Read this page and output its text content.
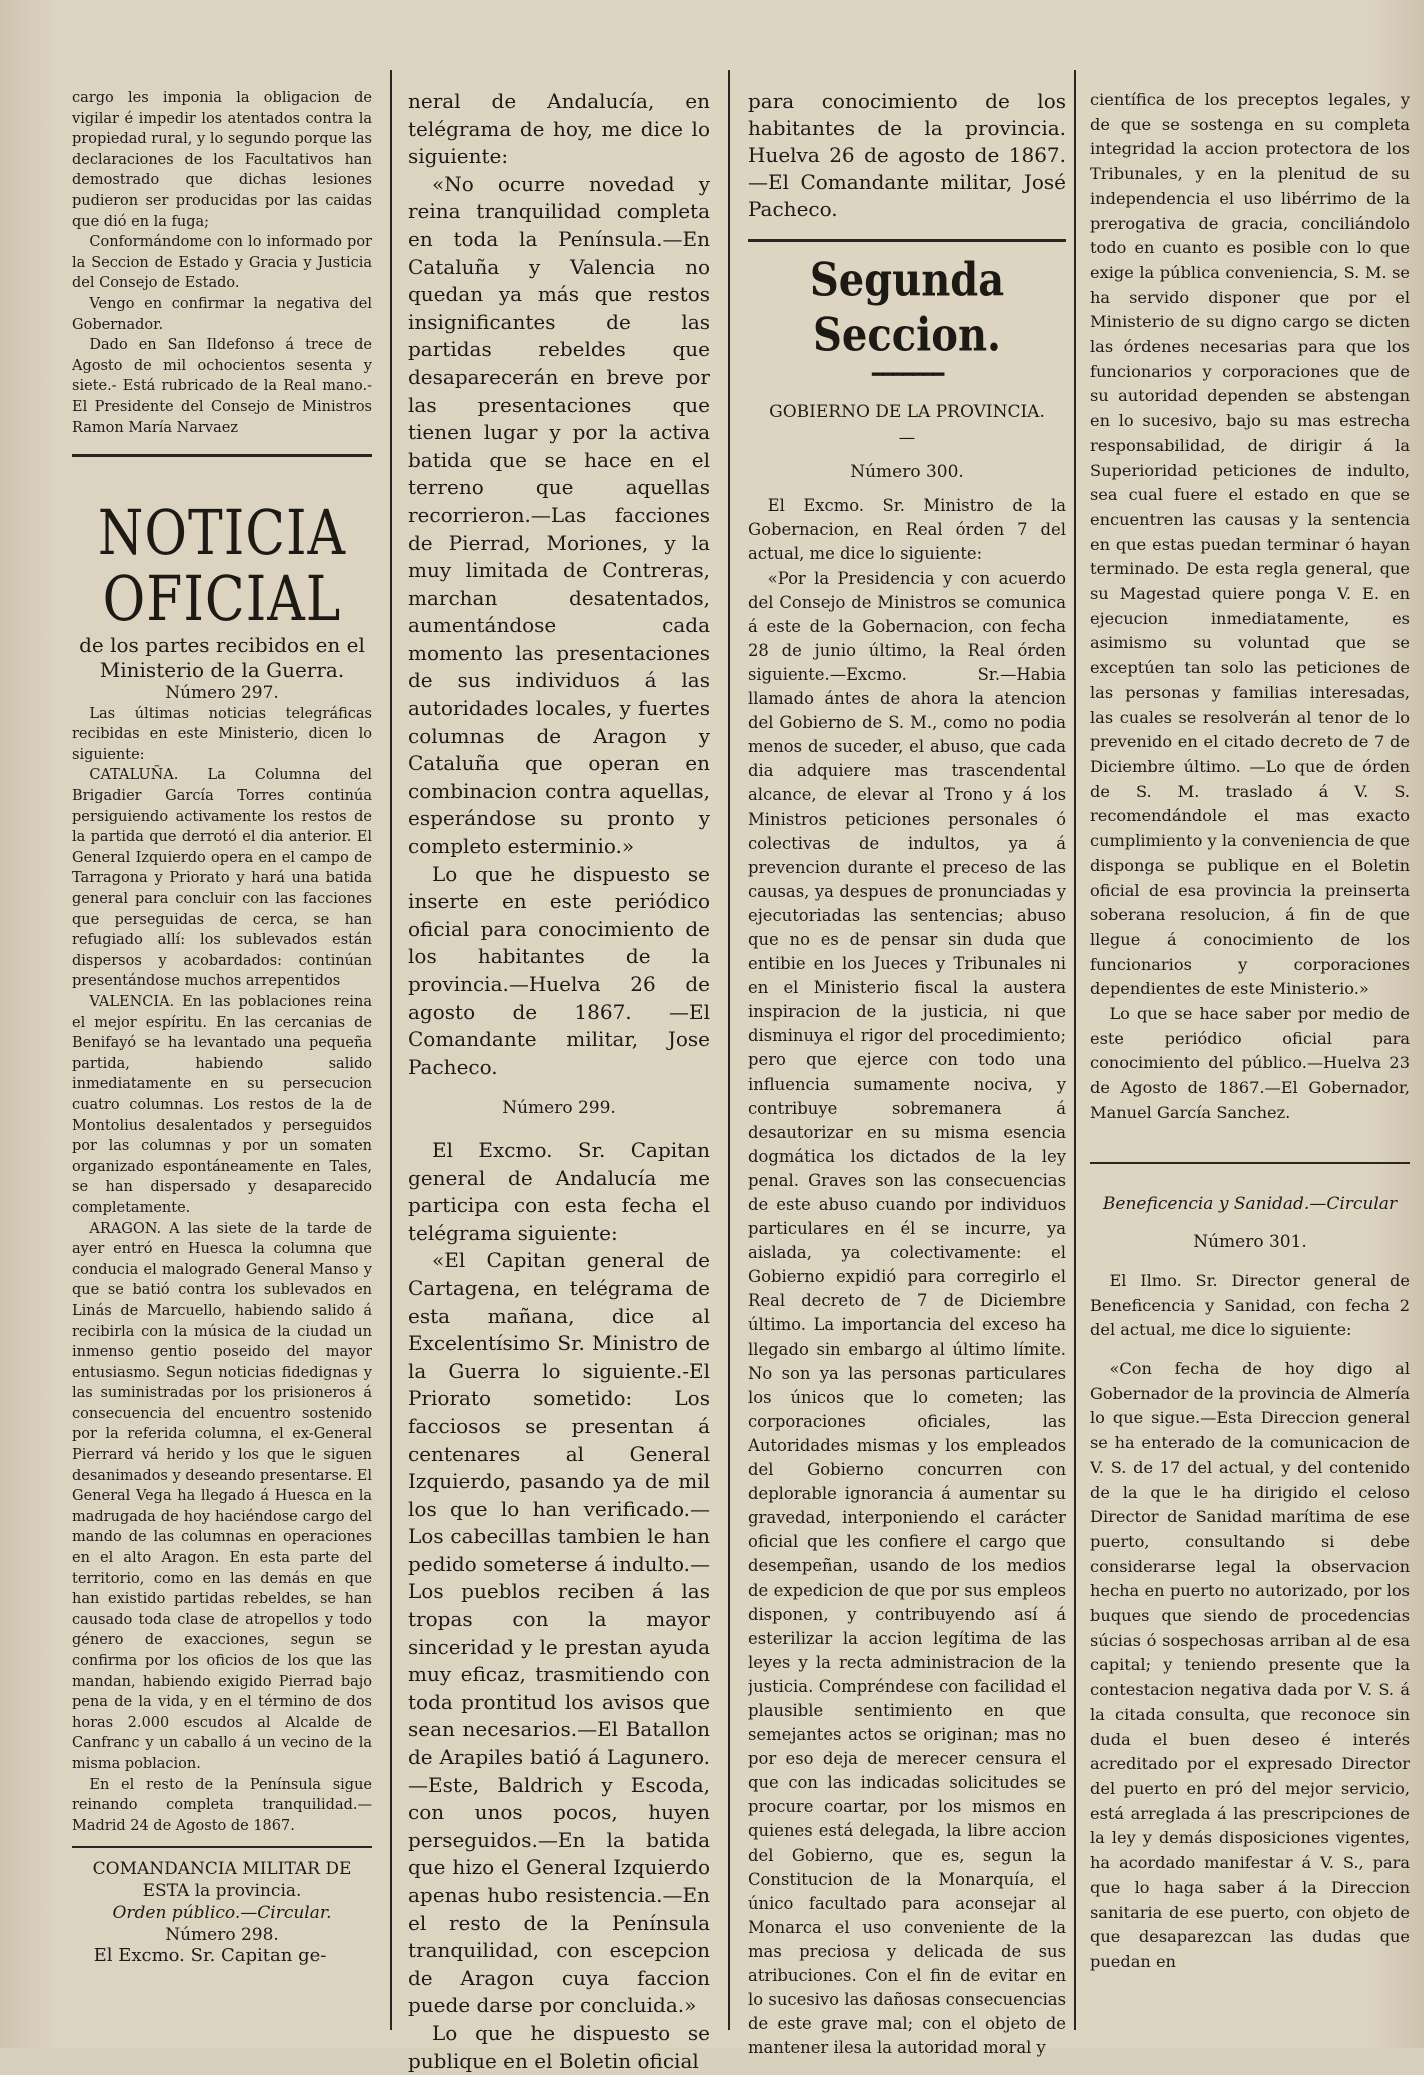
cargo les imponia la obligacion de vigilar é impedir los atentados contra la propiedad rural, y lo segundo porque las declaraciones de los Facultativos han demostrado que dichas lesiones pudieron ser producidas por las caidas que dió en la fuga;

Conformándome con lo informado por la Seccion de Estado y Gracia y Justicia del Consejo de Estado.

Vengo en confirmar la negativa del Gobernador.

Dado en San Ildefonso á trece de Agosto de mil ochocientos sesenta y siete.- Está rubricado de la Real mano.- El Presidente del Consejo de Ministros Ramon María Narvaez

NOTICIA OFICIAL

de los partes recibidos en el Ministerio de la Guerra.

Número 297.

Las últimas noticias telegráficas recibidas en este Ministerio, dicen lo siguiente:

CATALUÑA. La Columna del Brigadier García Torres continúa persiguiendo activamente los restos de la partida que derrotó el dia anterior. El General Izquierdo opera en el campo de Tarragona y Priorato y hará una batida general para concluir con las facciones que perseguidas de cerca, se han refugiado allí: los sublevados están dispersos y acobardados: continúan presentándose muchos arrepentidos

VALENCIA. En las poblaciones reina el mejor espíritu. En las cercanias de Benifayó se ha levantado una pequeña partida, habiendo salido inmediatamente en su persecucion cuatro columnas. Los restos de la de Montolius desalentados y perseguidos por las columnas y por un somaten organizado espontáneamente en Tales, se han dispersado y desaparecido completamente.

ARAGON. A las siete de la tarde de ayer entró en Huesca la columna que conducia el malogrado General Manso y que se batió contra los sublevados en Linás de Marcuello, habiendo salido á recibirla con la música de la ciudad un inmenso gentio poseido del mayor entusiasmo. Segun noticias fidedignas y las suministradas por los prisioneros á consecuencia del encuentro sostenido por la referida columna, el ex-General Pierrard vá herido y los que le siguen desanimados y deseando presentarse. El General Vega ha llegado á Huesca en la madrugada de hoy haciéndose cargo del mando de las columnas en operaciones en el alto Aragon. En esta parte del territorio, como en las demás en que han existido partidas rebeldes, se han causado toda clase de atropellos y todo género de exacciones, segun se confirma por los oficios de los que las mandan, habiendo exigido Pierrad bajo pena de la vida, y en el término de dos horas 2.000 escudos al Alcalde de Canfranc y un caballo á un vecino de la misma poblacion.

En el resto de la Península sigue reinando completa tranquilidad.—Madrid 24 de Agosto de 1867.

COMANDANCIA MILITAR DE ESTA la provincia.

Orden público.—Circular.

Número 298.

El Excmo. Sr. Capitan ge-

neral de Andalucía, en telégrama de hoy, me dice lo siguiente:

«No ocurre novedad y reina tranquilidad completa en toda la Península.—En Cataluña y Valencia no quedan ya más que restos insignificantes de las partidas rebeldes que desaparecerán en breve por las presentaciones que tienen lugar y por la activa batida que se hace en el terreno que aquellas recorrieron.—Las facciones de Pierrad, Moriones, y la muy limitada de Contreras, marchan desatentados, aumentándose cada momento las presentaciones de sus individuos á las autoridades locales, y fuertes columnas de Aragon y Cataluña que operan en combinacion contra aquellas, esperándose su pronto y completo esterminio.»

Lo que he dispuesto se inserte en este periódico oficial para conocimiento de los habitantes de la provincia.—Huelva 26 de agosto de 1867. —El Comandante militar, Jose Pacheco.

Número 299.

El Excmo. Sr. Capitan general de Andalucía me participa con esta fecha el telégrama siguiente:

«El Capitan general de Cartagena, en telégrama de esta mañana, dice al Excelentísimo Sr. Ministro de la Guerra lo siguiente.-El Priorato sometido: Los facciosos se presentan á centenares al General Izquierdo, pasando ya de mil los que lo han verificado.—Los cabecillas tambien le han pedido someterse á indulto.—Los pueblos reciben á las tropas con la mayor sinceridad y le prestan ayuda muy eficaz, trasmitiendo con toda prontitud los avisos que sean necesarios.—El Batallon de Arapiles batió á Lagunero.—Este, Baldrich y Escoda, con unos pocos, huyen perseguidos.—En la batida que hizo el General Izquierdo apenas hubo resistencia.—En el resto de la Península tranquilidad, con escepcion de Aragon cuya faccion puede darse por concluida.»

Lo que he dispuesto se publique en el Boletin oficial

para conocimiento de los habitantes de la provincia. Huelva 26 de agosto de 1867.—El Comandante militar, José Pacheco.

Segunda Seccion.
━━━━━━━

GOBIERNO DE LA PROVINCIA.

—

Número 300.

El Excmo. Sr. Ministro de la Gobernacion, en Real órden 7 del actual, me dice lo siguiente:

«Por la Presidencia y con acuerdo del Consejo de Ministros se comunica á este de la Gobernacion, con fecha 28 de junio último, la Real órden siguiente.—Excmo. Sr.—Habia llamado ántes de ahora la atencion del Gobierno de S. M., como no podia menos de suceder, el abuso, que cada dia adquiere mas trascendental alcance, de elevar al Trono y á los Ministros peticiones personales ó colectivas de indultos, ya á prevencion durante el preceso de las causas, ya despues de pronunciadas y ejecutoriadas las sentencias; abuso que no es de pensar sin duda que entibie en los Jueces y Tribunales ni en el Ministerio fiscal la austera inspiracion de la justicia, ni que disminuya el rigor del procedimiento; pero que ejerce con todo una influencia sumamente nociva, y contribuye sobremanera á desautorizar en su misma esencia dogmática los dictados de la ley penal. Graves son las consecuencias de este abuso cuando por individuos particulares en él se incurre, ya aislada, ya colectivamente: el Gobierno expidió para corregirlo el Real decreto de 7 de Diciembre último. La importancia del exceso ha llegado sin embargo al último límite. No son ya las personas particulares los únicos que lo cometen; las corporaciones oficiales, las Autoridades mismas y los empleados del Gobierno concurren con deplorable ignorancia á aumentar su gravedad, interponiendo el carácter oficial que les confiere el cargo que desempeñan, usando de los medios de expedicion de que por sus empleos disponen, y contribuyendo así á esterilizar la accion legítima de las leyes y la recta administracion de la justicia. Compréndese con facilidad el plausible sentimiento en que semejantes actos se originan; mas no por eso deja de merecer censura el que con las indicadas solicitudes se procure coartar, por los mismos en quienes está delegada, la libre accion del Gobierno, que es, segun la Constitucion de la Monarquía, el único facultado para aconsejar al Monarca el uso conveniente de la mas preciosa y delicada de sus atribuciones. Con el fin de evitar en lo sucesivo las dañosas consecuencias de este grave mal; con el objeto de mantener ilesa la autoridad moral y

científica de los preceptos legales, y de que se sostenga en su completa integridad la accion protectora de los Tribunales, y en la plenitud de su independencia el uso libérrimo de la prerogativa de gracia, conciliándolo todo en cuanto es posible con lo que exige la pública conveniencia, S. M. se ha servido disponer que por el Ministerio de su digno cargo se dicten las órdenes necesarias para que los funcionarios y corporaciones que de su autoridad dependen se abstengan en lo sucesivo, bajo su mas estrecha responsabilidad, de dirigir á la Superioridad peticiones de indulto, sea cual fuere el estado en que se encuentren las causas y la sentencia en que estas puedan terminar ó hayan terminado. De esta regla general, que su Magestad quiere ponga V. E. en ejecucion inmediatamente, es asimismo su voluntad que se exceptúen tan solo las peticiones de las personas y familias interesadas, las cuales se resolverán al tenor de lo prevenido en el citado decreto de 7 de Diciembre último. —Lo que de órden de S. M. traslado á V. S. recomendándole el mas exacto cumplimiento y la conveniencia de que disponga se publique en el Boletin oficial de esa provincia la preinserta soberana resolucion, á fin de que llegue á conocimiento de los funcionarios y corporaciones dependientes de este Ministerio.»

Lo que se hace saber por medio de este periódico oficial para conocimiento del público.—Huelva 23 de Agosto de 1867.—El Gobernador, Manuel García Sanchez.

Beneficencia y Sanidad.—Circular

Número 301.

El Ilmo. Sr. Director general de Beneficencia y Sanidad, con fecha 2 del actual, me dice lo siguiente:

«Con fecha de hoy digo al Gobernador de la provincia de Almería lo que sigue.—Esta Direccion general se ha enterado de la comunicacion de V. S. de 17 del actual, y del contenido de la que le ha dirigido el celoso Director de Sanidad marítima de ese puerto, consultando si debe considerarse legal la observacion hecha en puerto no autorizado, por los buques que siendo de procedencias súcias ó sospechosas arriban al de esa capital; y teniendo presente que la contestacion negativa dada por V. S. á la citada consulta, que reconoce sin duda el buen deseo é interés acreditado por el expresado Director del puerto en pró del mejor servicio, está arreglada á las prescripciones de la ley y demás disposiciones vigentes, ha acordado manifestar á V. S., para que lo haga saber á la Direccion sanitaria de ese puerto, con objeto de que desaparezcan las dudas que puedan en
